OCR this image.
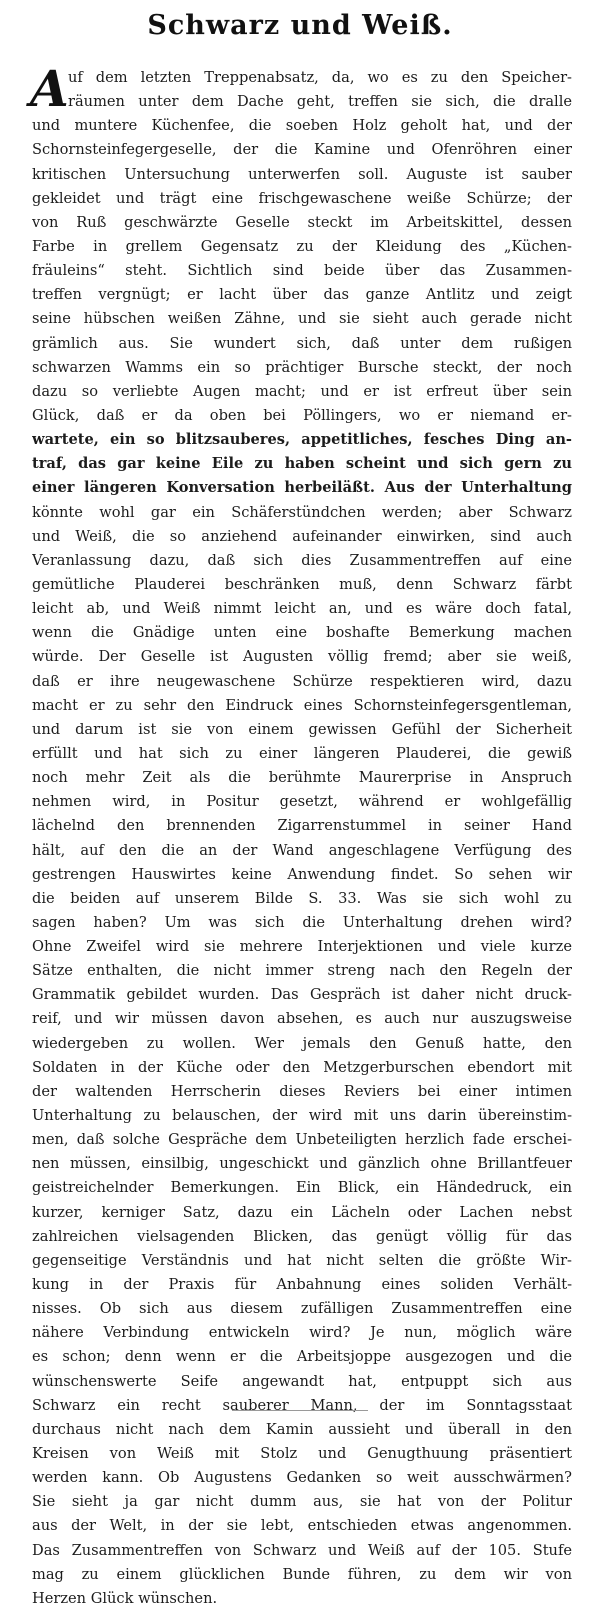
Schwarz und Weiß.
A uf dem letzten Treppenabsatz, da, wo es zu den Speicher-
räumen unter dem Dache geht, treffen sie sich, die dralle
und muntere Küchenfee, die soeben Holz geholt hat, und der
Schornsteinfegergeselle, der die Kamine und Ofenröhren einer
kritischen Untersuchung unterwerfen soll. Auguste ist sauber
gekleidet und trägt eine frischgewaschene weiße Schürze; der
von Ruß geschwärzte Geselle steckt im Arbeitskittel, dessen
Farbe in grellem Gegensatz zu der Kleidung des „Küchen-
fräuleins“ steht. Sichtlich sind beide über das Zusammen-
treffen vergnügt; er lacht über das ganze Antlitz und zeigt
seine hübschen weißen Zähne, und sie sieht auch gerade nicht
grämlich aus. Sie wundert sich, daß unter dem rußigen
schwarzen Wamms ein so prächtiger Bursche steckt, der noch
dazu so verliebte Augen macht; und er ist erfreut über sein
Glück, daß er da oben bei Pöllingers, wo er niemand er-
wartete, ein so blitzsauberes, appetitliches, fesches Ding an-
traf, das gar keine Eile zu haben scheint und sich gern zu
einer längeren Konversation herbeiläßt. Aus der Unterhaltung
könnte wohl gar ein Schäferstündchen werden; aber Schwarz
und Weiß, die so anziehend aufeinander einwirken, sind auch
Veranlassung dazu, daß sich dies Zusammentreffen auf eine
gemütliche Plauderei beschränken muß, denn Schwarz färbt
leicht ab, und Weiß nimmt leicht an, und es wäre doch fatal,
wenn die Gnädige unten eine boshafte Bemerkung machen
würde. Der Geselle ist Augusten völlig fremd; aber sie weiß,
daß er ihre neugewaschene Schürze respektieren wird, dazu
macht er zu sehr den Eindruck eines Schornsteinfegersgentleman,
und darum ist sie von einem gewissen Gefühl der Sicherheit
erfüllt und hat sich zu einer längeren Plauderei, die gewiß
noch mehr Zeit als die berühmte Maurerprise in Anspruch
nehmen wird, in Positur gesetzt, während er wohlgefällig
lächelnd den brennenden Zigarrenstummel in seiner Hand
hält, auf den die an der Wand angeschlagene Verfügung des
gestrengen Hauswirtes keine Anwendung findet. So sehen wir
die beiden auf unserem Bilde S. 33. Was sie sich wohl zu
sagen haben? Um was sich die Unterhaltung drehen wird?
Ohne Zweifel wird sie mehrere Interjektionen und viele kurze
Sätze enthalten, die nicht immer streng nach den Regeln der
Grammatik gebildet wurden. Das Gespräch ist daher nicht druck-
reif, und wir müssen davon absehen, es auch nur auszugsweise
wiedergeben zu wollen. Wer jemals den Genuß hatte, den
Soldaten in der Küche oder den Metzgerburschen ebendort mit
der waltenden Herrscherin dieses Reviers bei einer intimen
Unterhaltung zu belauschen, der wird mit uns darin übereinstim-
men, daß solche Gespräche dem Unbeteiligten herzlich fade erschei-
nen müssen, einsilbig, ungeschickt und gänzlich ohne Brillantfeuer
geistreichelnder Bemerkungen. Ein Blick, ein Händedruck, ein
kurzer, kerniger Satz, dazu ein Lächeln oder Lachen nebst
zahlreichen vielsagenden Blicken, das genügt völlig für das
gegenseitige Verständnis und hat nicht selten die größte Wir-
kung in der Praxis für Anbahnung eines soliden Verhält-
nisses. Ob sich aus diesem zufälligen Zusammentreffen eine
nähere Verbindung entwickeln wird? Je nun, möglich wäre
es schon; denn wenn er die Arbeitsjoppe ausgezogen und die
wünschenswerte Seife angewandt hat, entpuppt sich aus
Schwarz ein recht sauberer Mann, der im Sonntagsstaat
durchaus nicht nach dem Kamin aussieht und überall in den
Kreisen von Weiß mit Stolz und Genugthuung präsentiert
werden kann. Ob Augustens Gedanken so weit ausschwärmen?
Sie sieht ja gar nicht dumm aus, sie hat von der Politur
aus der Welt, in der sie lebt, entschieden etwas angenommen.
Das Zusammentreffen von Schwarz und Weiß auf der 105. Stufe
mag zu einem glücklichen Bunde führen, zu dem wir von
Herzen Glück wünschen.
